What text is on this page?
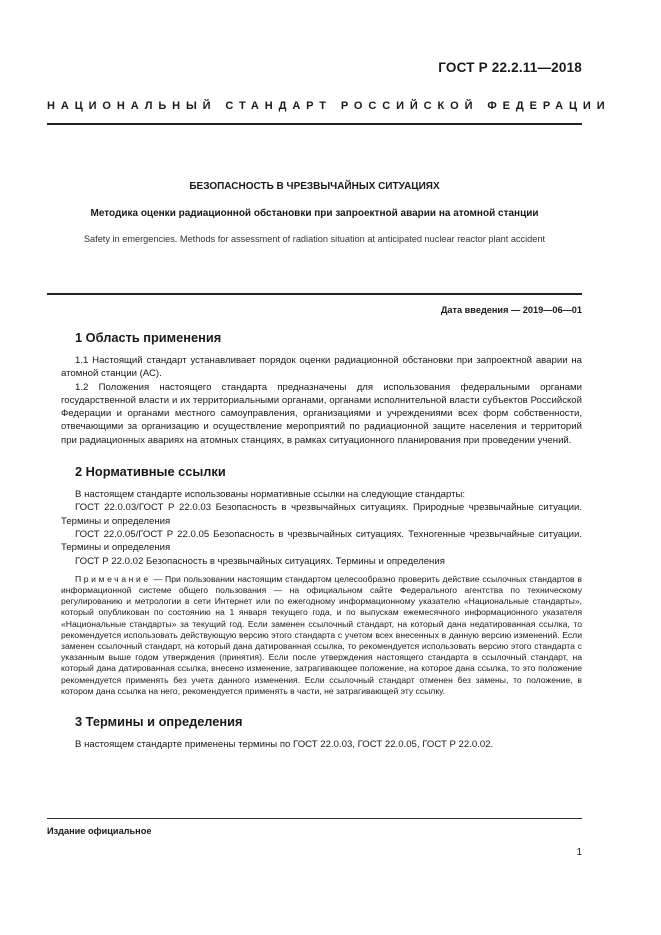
ГОСТ Р 22.2.11—2018
НАЦИОНАЛЬНЫЙ СТАНДАРТ РОССИЙСКОЙ ФЕДЕРАЦИИ
БЕЗОПАСНОСТЬ В ЧРЕЗВЫЧАЙНЫХ СИТУАЦИЯХ
Методика оценки радиационной обстановки при запроектной аварии на атомной станции
Safety in emergencies. Methods for assessment of radiation situation at anticipated nuclear reactor plant accident
Дата введения — 2019—06—01
1 Область применения

1.1 Настоящий стандарт устанавливает порядок оценки радиационной обстановки при запроектной аварии на атомной станции (АС).

1.2 Положения настоящего стандарта предназначены для использования федеральными органами государственной власти и их территориальными органами, органами исполнительной власти субъектов Российской Федерации и органами местного самоуправления, организациями и учреждениями всех форм собственности, отвечающими за организацию и осуществление мероприятий по радиационной защите населения и территорий при радиационных авариях на атомных станциях, в рамках ситуационного планирования при проведении учений.

2 Нормативные ссылки

В настоящем стандарте использованы нормативные ссылки на следующие стандарты:

ГОСТ 22.0.03/ГОСТ Р 22.0.03 Безопасность в чрезвычайных ситуациях. Природные чрезвычайные ситуации. Термины и определения

ГОСТ 22.0.05/ГОСТ Р 22.0.05 Безопасность в чрезвычайных ситуациях. Техногенные чрезвычайные ситуации. Термины и определения

ГОСТ Р 22.0.02 Безопасность в чрезвычайных ситуациях. Термины и определения

Примечание — При пользовании настоящим стандартом целесообразно проверить действие ссылочных стандартов в информационной системе общего пользования — на официальном сайте Федерального агентства по техническому регулированию и метрологии в сети Интернет или по ежегодному информационному указателю «Национальные стандарты», который опубликован по состоянию на 1 января текущего года, и по выпускам ежемесячного информационного указателя «Национальные стандарты» за текущий год. Если заменен ссылочный стандарт, на который дана недатированная ссылка, то рекомендуется использовать действующую версию этого стандарта с учетом всех внесенных в данную версию изменений. Если заменен ссылочный стандарт, на который дана датированная ссылка, то рекомендуется использовать версию этого стандарта с указанным выше годом утверждения (принятия). Если после утверждения настоящего стандарта в ссылочный стандарт, на который дана датированная ссылка, внесено изменение, затрагивающее положение, на которое дана ссылка, то это положение рекомендуется применять без учета данного изменения. Если ссылочный стандарт отменен без замены, то положение, в котором дана ссылка на него, рекомендуется применять в части, не затрагивающей эту ссылку.

3 Термины и определения

В настоящем стандарте применены термины по ГОСТ 22.0.03, ГОСТ 22.0.05, ГОСТ Р 22.0.02.

Издание официальное
1
